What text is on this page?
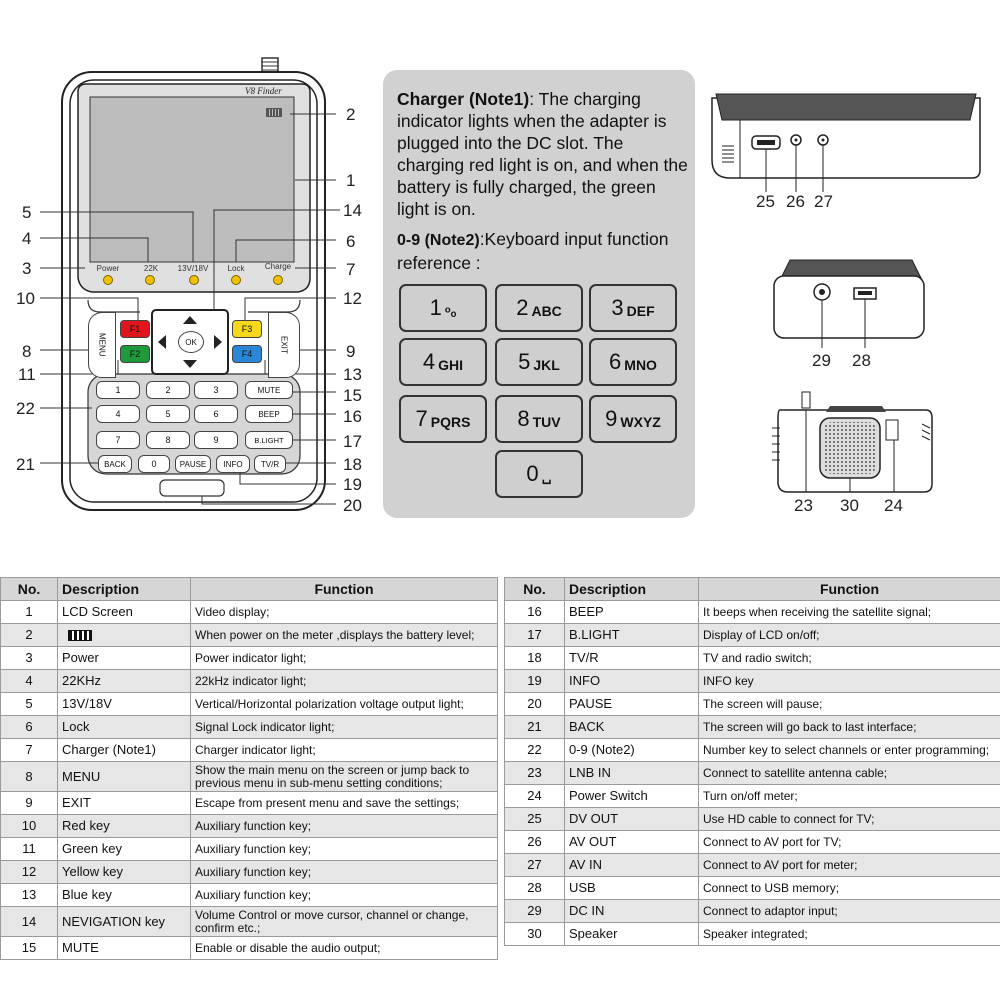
V8 Finder
Power	22K	13V/18V	Lock	Charge
MENU	EXIT
F1
F2
F3
F4
OK
1	2	3	MUTE
4	5	6	BEEP
7	8	9	B.LIGHT
BACK	0	PAUSE	INFO	TV/R
2
1
5	14
4	6
3	7
10	12
8	9
11	13
15
22	16
17
21	18
19
20

Charger (Note1): The charging indicator lights when the adapter is plugged into the DC slot. The charging red light is on, and when the battery is fully charged, the green light is on.

0-9 (Note2):Keyboard input function reference :

1 ᵒₒ	2 ABC 3 DEF
4 GHI	5 JKL 6 MNO
7 PQRS 8 TUV 9 WXYZ
0 ␣
25 26 27
29 28
23 30 24
No.	Description	Function
1	LCD Screen	Video display;
2		When power on the meter ,displays the battery level;
3	Power	Power indicator light;
4	22KHz	22kHz indicator light;
5	13V/18V	Vertical/Horizontal polarization voltage output light;
6	Lock	Signal Lock indicator light;
7	Charger (Note1)	Charger indicator light;
8	MENU	Show the main menu on the screen or jump back to previous menu in sub-menu setting conditions;
9	EXIT	Escape from present menu and save the settings;
10	Red key	Auxiliary function key;
11	Green key	Auxiliary function key;
12	Yellow key	Auxiliary function key;
13	Blue key	Auxiliary function key;
14	NEVIGATION key	Volume Control or move cursor, channel or change, confirm etc.;
15	MUTE	Enable or disable the audio output;
No.	Description	Function
16	BEEP	It beeps when receiving the satellite signal;
17	B.LIGHT	Display of LCD on/off;
18	TV/R	TV and radio switch;
19	INFO	INFO key
20	PAUSE	The screen will pause;
21	BACK	The screen will go back to last interface;
22	0-9 (Note2)	Number key to select channels or enter programming;
23	LNB IN	Connect to satellite antenna cable;
24	Power Switch	Turn on/off meter;
25	DV OUT	Use HD cable to connect for TV;
26	AV OUT	Connect to AV port for TV;
27	AV IN	Connect to AV port for meter;
28	USB	Connect to USB memory;
29	DC IN	Connect to adaptor input;
30	Speaker	Speaker integrated;
